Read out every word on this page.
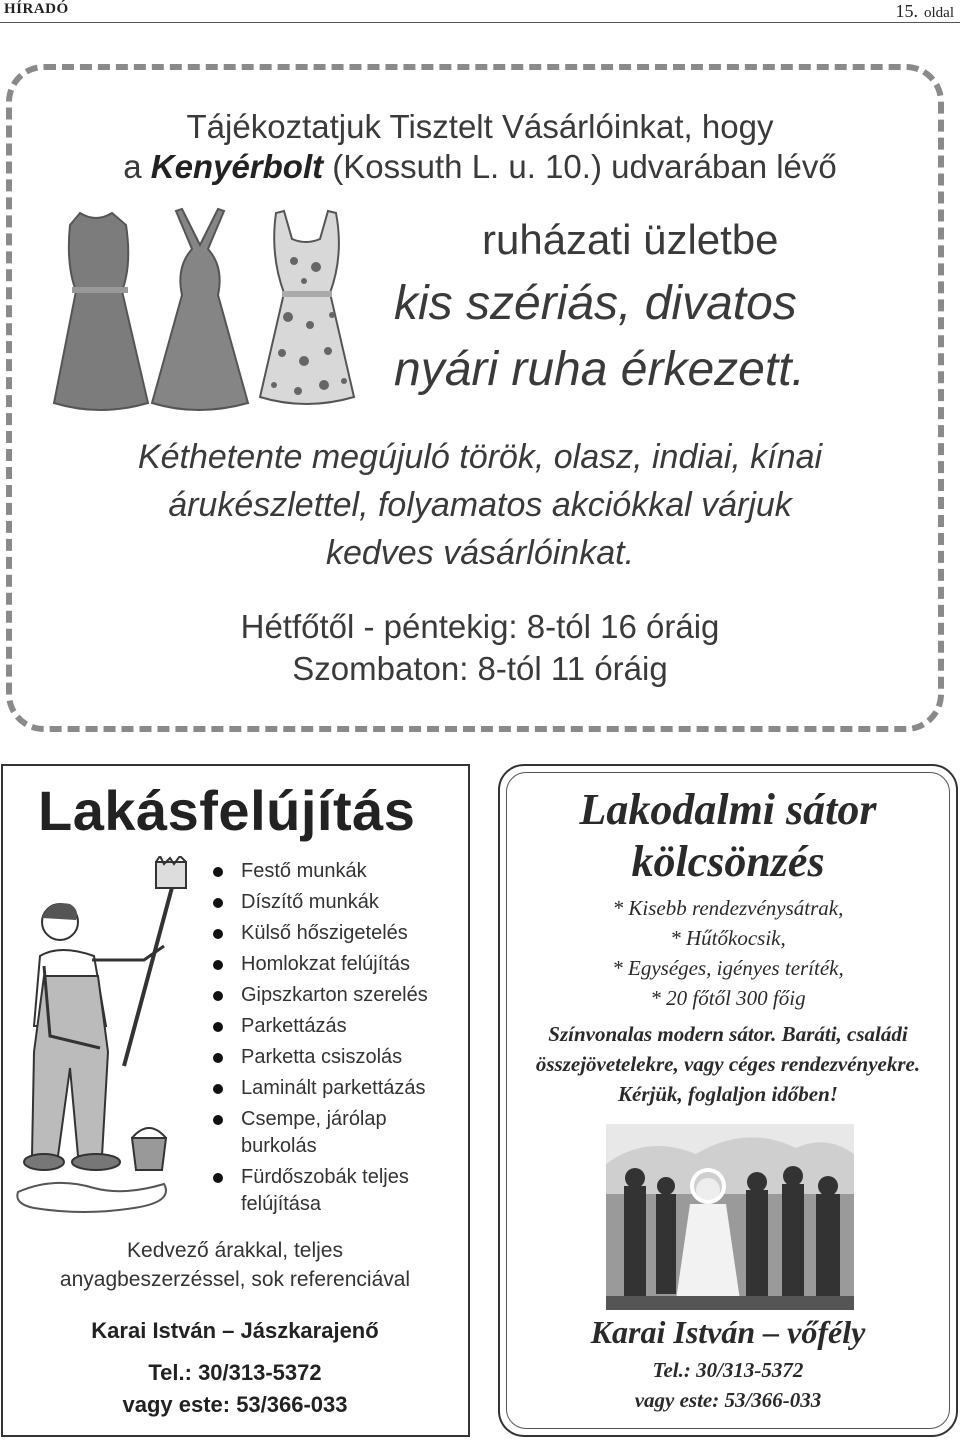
HÍRADÓ	15. oldal
Tájékoztatjuk Tisztelt Vásárlóinkat, hogy
a Kenyérbolt (Kossuth L. u. 10.) udvarában lévő
ruházati üzletbe
kis szériás, divatos
nyári ruha érkezett.
Kéthetente megújuló török, olasz, indiai, kínai
árukészlettel, folyamatos akciókkal várjuk
kedves vásárlóinkat.
Hétfőtől - péntekig: 8-tól 16 óráig
Szombaton: 8-tól 11 óráig
Lakásfelújítás
Festő munkák
Díszítő munkák
Külső hőszigetelés
Homlokzat felújítás
Gipszkarton szerelés
Parkettázás
Parketta csiszolás
Laminált parkettázás
Csempe, járólap burkolás
Fürdőszobák teljes felújítása
Kedvező árakkal, teljes
anyagbeszerzéssel, sok referenciával
Karai István – Jászkarajenő
Tel.: 30/313-5372
vagy este: 53/366-033
Lakodalmi sátor
kölcsönzés
* Kisebb rendezvénysátrak,
* Hűtőkocsik,
* Egységes, igényes teríték,
* 20 főtől 300 főig
Színvonalas modern sátor. Baráti, családi
összejövetelekre, vagy céges rendezvényekre.
Kérjük, foglaljon időben!
Karai István – vőfély
Tel.: 30/313-5372
vagy este: 53/366-033
